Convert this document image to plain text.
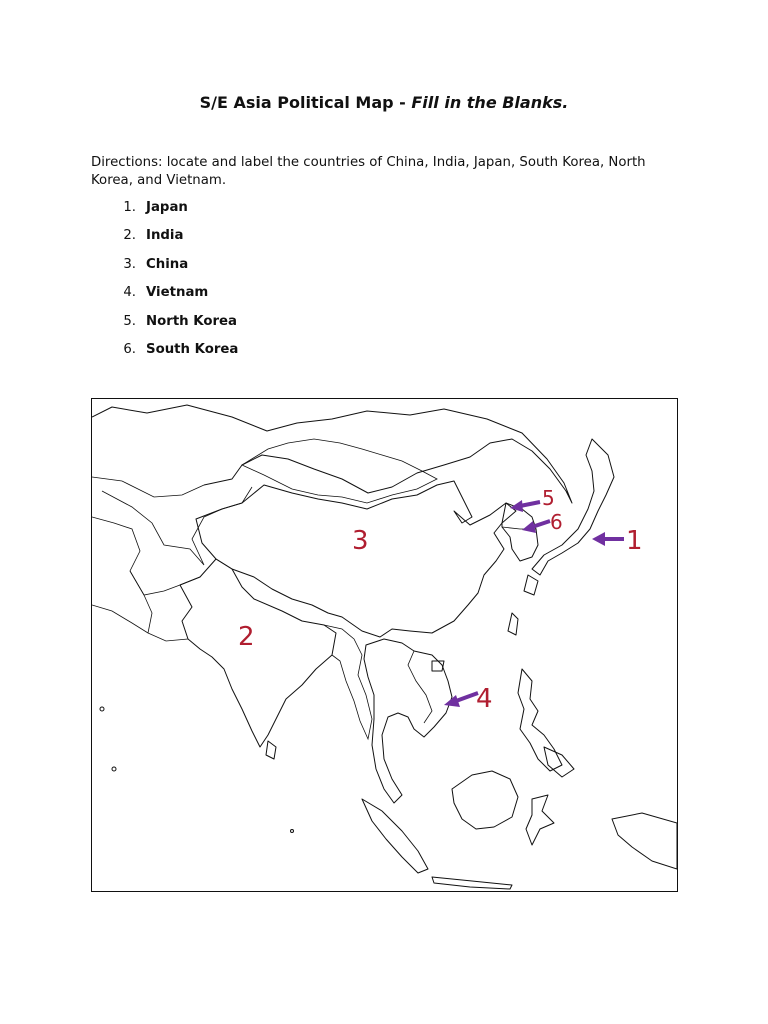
S/E Asia Political Map - Fill in the Blanks.
Directions: locate and label the countries of China, India, Japan, South Korea, North Korea, and Vietnam.
1. Japan
2. India
3. China
4. Vietnam
5. North Korea
6. South Korea
1
2
3
4
5
6
